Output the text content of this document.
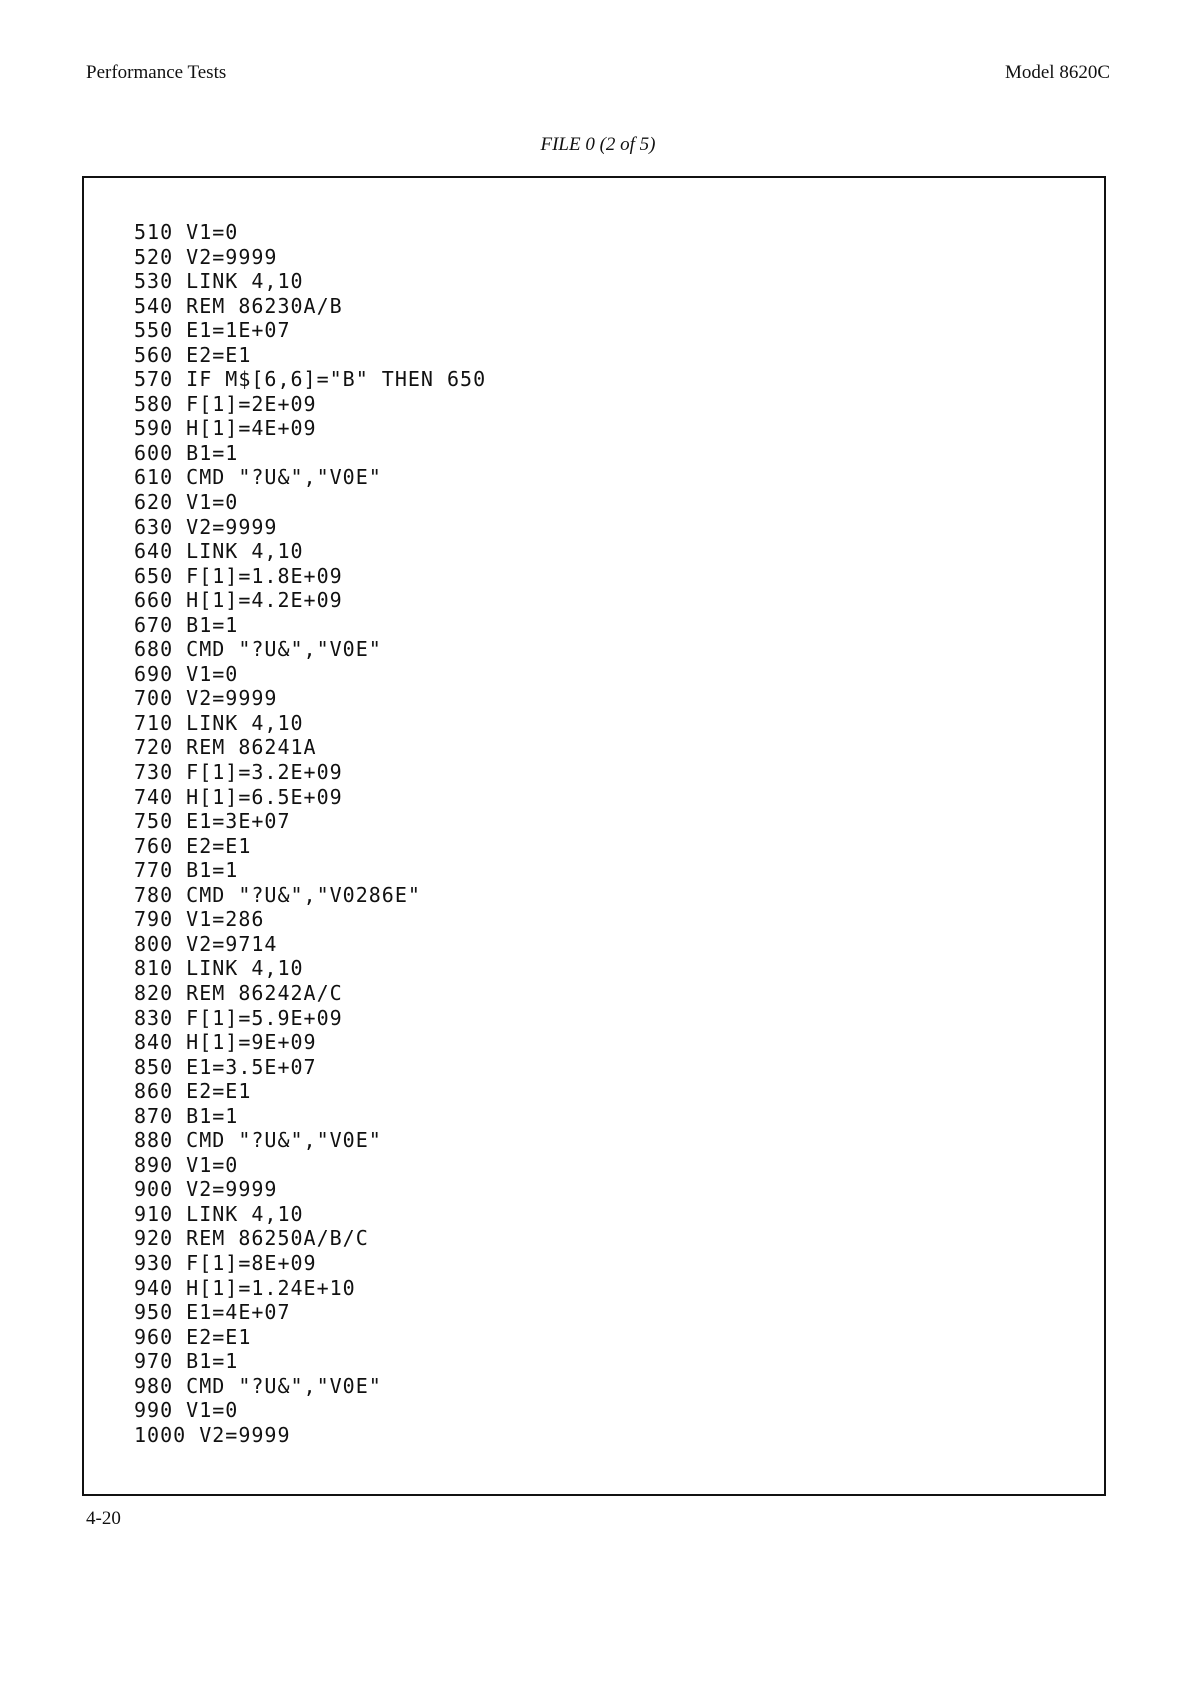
Performance Tests	Model 8620C
FILE 0 (2 of 5)
510 V1=0
520 V2=9999
530 LINK 4,10
540 REM 86230A/B
550 E1=1E+07
560 E2=E1
570 IF M$[6,6]="B" THEN 650
580 F[1]=2E+09
590 H[1]=4E+09
600 B1=1
610 CMD "?U&","V0E"
620 V1=0
630 V2=9999
640 LINK 4,10
650 F[1]=1.8E+09
660 H[1]=4.2E+09
670 B1=1
680 CMD "?U&","V0E"
690 V1=0
700 V2=9999
710 LINK 4,10
720 REM 86241A
730 F[1]=3.2E+09
740 H[1]=6.5E+09
750 E1=3E+07
760 E2=E1
770 B1=1
780 CMD "?U&","V0286E"
790 V1=286
800 V2=9714
810 LINK 4,10
820 REM 86242A/C
830 F[1]=5.9E+09
840 H[1]=9E+09
850 E1=3.5E+07
860 E2=E1
870 B1=1
880 CMD "?U&","V0E"
890 V1=0
900 V2=9999
910 LINK 4,10
920 REM 86250A/B/C
930 F[1]=8E+09
940 H[1]=1.24E+10
950 E1=4E+07
960 E2=E1
970 B1=1
980 CMD "?U&","V0E"
990 V1=0
1000 V2=9999
4-20
